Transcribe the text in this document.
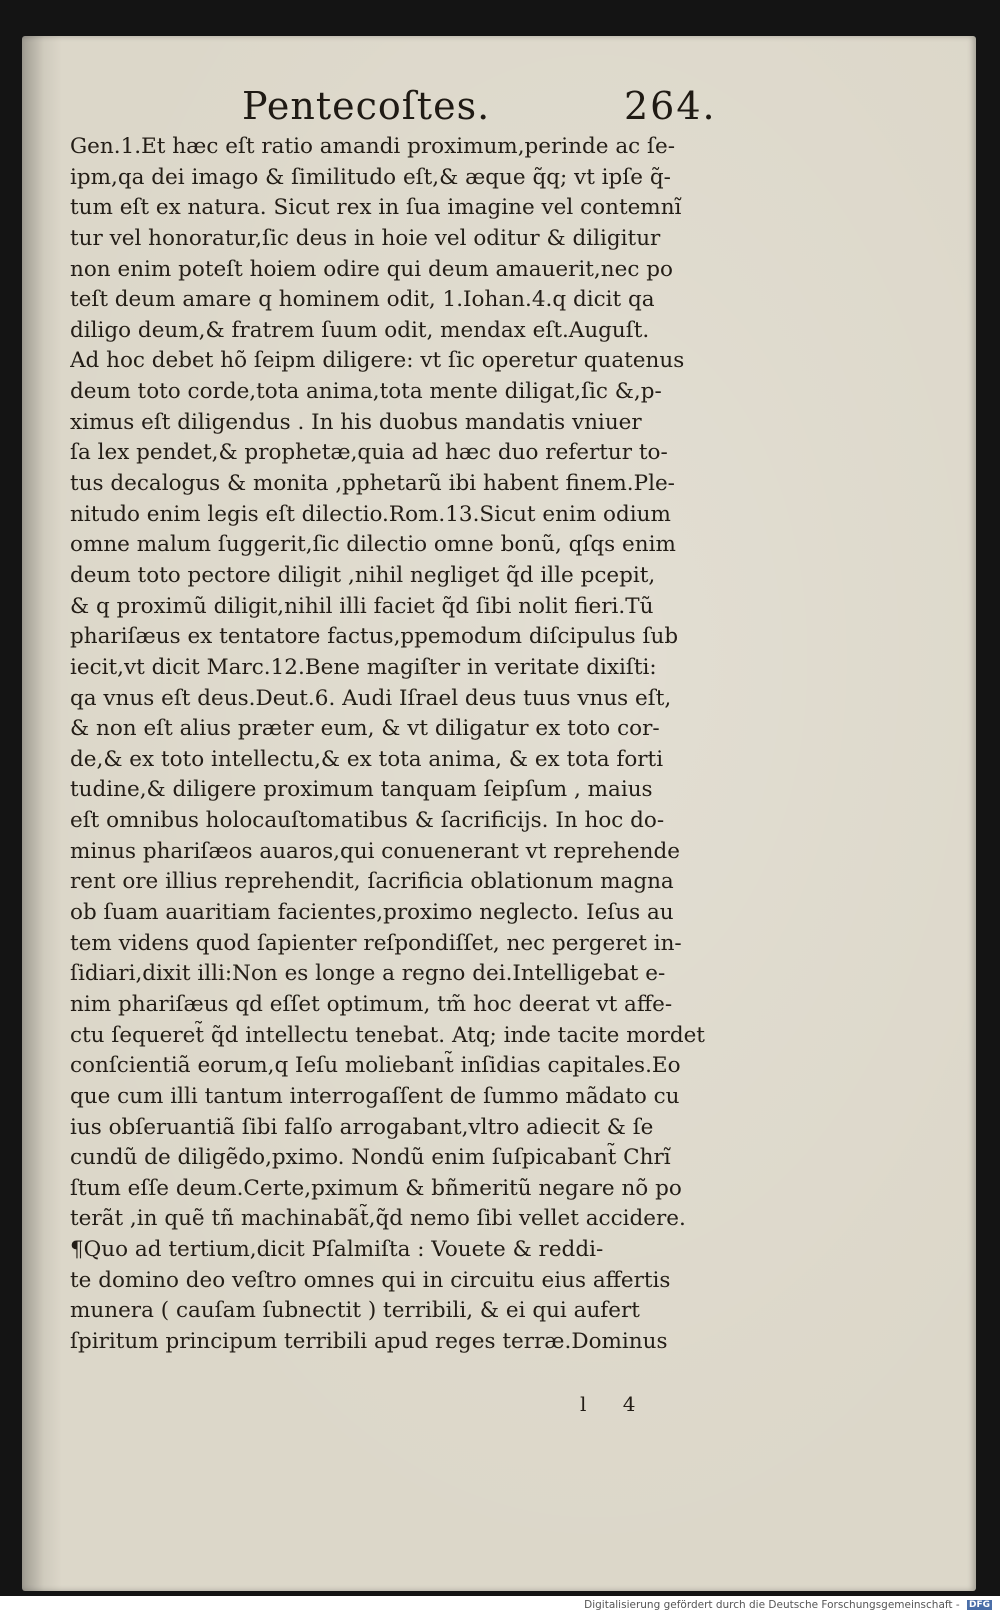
Pentecoſtes.	264.
Gen.1.Et hæc eſt ratio amandi proximum,perinde ac ſe-
ipm,qa dei imago & ſimilitudo eſt,& æque q̃q; vt ipſe q̃-
tum eſt ex natura. Sicut rex in ſua imagine vel contemnĩ
tur vel honoratur,ſic deus in hoie vel oditur & diligitur
non enim poteſt hoiem odire qui deum amauerit,nec po
teſt deum amare q hominem odit, 1.Iohan.4.q dicit qa
diligo deum,& fratrem ſuum odit, mendax eſt.Auguſt.
Ad hoc debet hõ ſeipm diligere: vt ſic operetur quatenus
deum toto corde,tota anima,tota mente diligat,ſic &,p-
ximus eſt diligendus . In his duobus mandatis vniuer
ſa lex pendet,& prophetæ,quia ad hæc duo refertur to-
tus decalogus & monita ,pphetarũ ibi habent finem.Ple-
nitudo enim legis eſt dilectio.Rom.13.Sicut enim odium
omne malum ſuggerit,ſic dilectio omne bonũ, qſqs enim
deum toto pectore diligit ,nihil negliget q̃d ille pcepit,
& q proximũ diligit,nihil illi faciet q̃d ſibi nolit fieri.Tũ
phariſæus ex tentatore factus,ppemodum diſcipulus ſub
iecit,vt dicit Marc.12.Bene magiſter in veritate dixiſti:
qa vnus eſt deus.Deut.6. Audi Iſrael deus tuus vnus eſt,
& non eſt alius præter eum, & vt diligatur ex toto cor-
de,& ex toto intellectu,& ex tota anima, & ex tota forti
tudine,& diligere proximum tanquam ſeipſum , maius
eſt omnibus holocauſtomatibus & ſacrificijs. In hoc do-
minus phariſæos auaros,qui conuenerant vt reprehende
rent ore illius reprehendit, ſacrificia oblationum magna
ob ſuam auaritiam facientes,proximo neglecto. Ieſus au
tem videns quod ſapienter reſpondiſſet, nec pergeret in-
ſidiari,dixit illi:Non es longe a regno dei.Intelligebat e-
nim phariſæus qd eſſet optimum, tm̃ hoc deerat vt affe-
ctu ſequeret̃ q̃d intellectu tenebat. Atq; inde tacite mordet
conſcientiã eorum,q Ieſu moliebant̃ inſidias capitales.Eo
que cum illi tantum interrogaſſent de ſummo mãdato cu
ius obſeruantiã ſibi falſo arrogabant,vltro adiecit & ſe
cundũ de diligẽdo,pximo. Nondũ enim ſuſpicabant̃ Chrĩ
ſtum eſſe deum.Certe,pximum & bñmeritũ negare nõ po
terãt ,in quẽ tñ machinabãt̃,q̃d nemo ſibi vellet accidere.
¶Quo ad tertium,dicit Pſalmiſta : Vouete & reddi-
te domino deo veſtro omnes qui in circuitu eius affertis
munera ( cauſam ſubnectit ) terribili, & ei qui aufert
ſpiritum principum terribili apud reges terræ.Dominus
l 4
Digitalisierung gefördert durch die Deutsche Forschungsgemeinschaft - DFG
